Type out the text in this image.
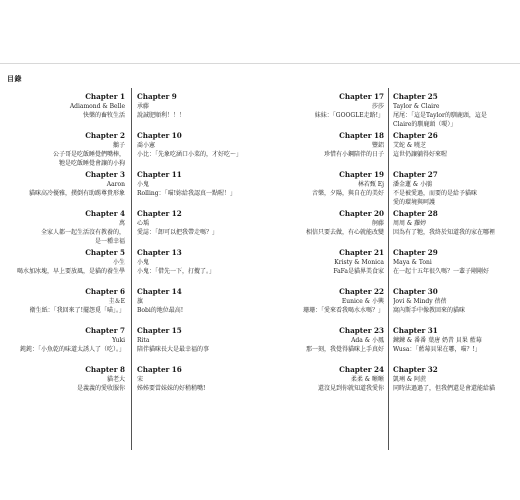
目錄
Chapter 1
Adiamond & Belle
快樂的畜牧生活
Chapter 2
鵝子
公子哥是吃飯睡覺們嘴棒，
牠是吃飯睡覺會讓的小狗
Chapter 3
Aaron
貓咪高冷優雅，撲倒有助踢尊貴形象
Chapter 4
萬
全家人都一起生活沒有教養的，
是一種幸福
Chapter 5
小生
喝水加冰塊，早上要放風，是貓的養生學
Chapter 6
圭＆E
衛生紙：「我回來了!擺怨覓「喵」。」
Chapter 7
Yuki
鈍鈍：「小魚乾的味道太誘人了（吃）。」
Chapter 8
貓老大
是義義的愛收服你
Chapter 9
承藤
說誠肥順利！！！
Chapter 10
喬小憲
小比：「先象吃涵口小菜的，才好吃～」
Chapter 11
小鬼
Rolling：「喵!妳給我認真一點喔！」
Chapter 12
心瑀
愛誌：「卸可以把我帶走嗎？」
Chapter 13
小鬼
小鬼：「借先一下，打攪了。」
Chapter 14
旗
Bobi的地位最高!
Chapter 15
Rita
陪伴貓咪長大是最幸福的事
Chapter 16
宋
姊姊要當妹妹的好稍稍嘴!
Chapter 17
莎莎
妹妹：「GOOGLE走路!」
Chapter 18
豐鋁
珍惜有小鋼陪伴的日子
Chapter 19
林若甄 Ej
音樂，夕陽，與自在的美好
Chapter 20
舸藤
相信只要去做，有心就能改變
Chapter 21
Kristy & Monica
FaFa是貓界美食家
Chapter 22
Eunice & 小興
珊珊：「愛來看我喝水水嗎？」
Chapter 23
Ada & 小鳳
那一刻，我覺得貓咪上手真好
Chapter 24
柔柔 & 晰晰
還沒見到你就知道我愛你
Chapter 25
Taylor & Claire
尾尾：「這是Taylor的馴鹿頭，這是
Claire的馴鹿頭（嗄）」
Chapter 26
艾蛇 & 曉芝
這世仍讓躺得好來喔
Chapter 27
潘金蓮 & 小鵑
不是被愛過，而要的是給予貓咪
愛的環境與呵護
Chapter 28
周周 & 蘿婷
因為有了牠，我終於知道我的家在哪裡
Chapter 29
Maya & Toni
在一起十五年很久嗎？一輩子剛剛好
Chapter 30
Jovi & Mindy 蓓蓓
窩內斯手中像教回來的貓咪
Chapter 31
鍊鍊 & 番番 葉唐 奶昔 貝果 藍莓
Wusa：「藍莓貝果在哪，喵？!」
Chapter 32
凱琍 & 阿蔗
同時法過過了，但我們還是會還能給貓
